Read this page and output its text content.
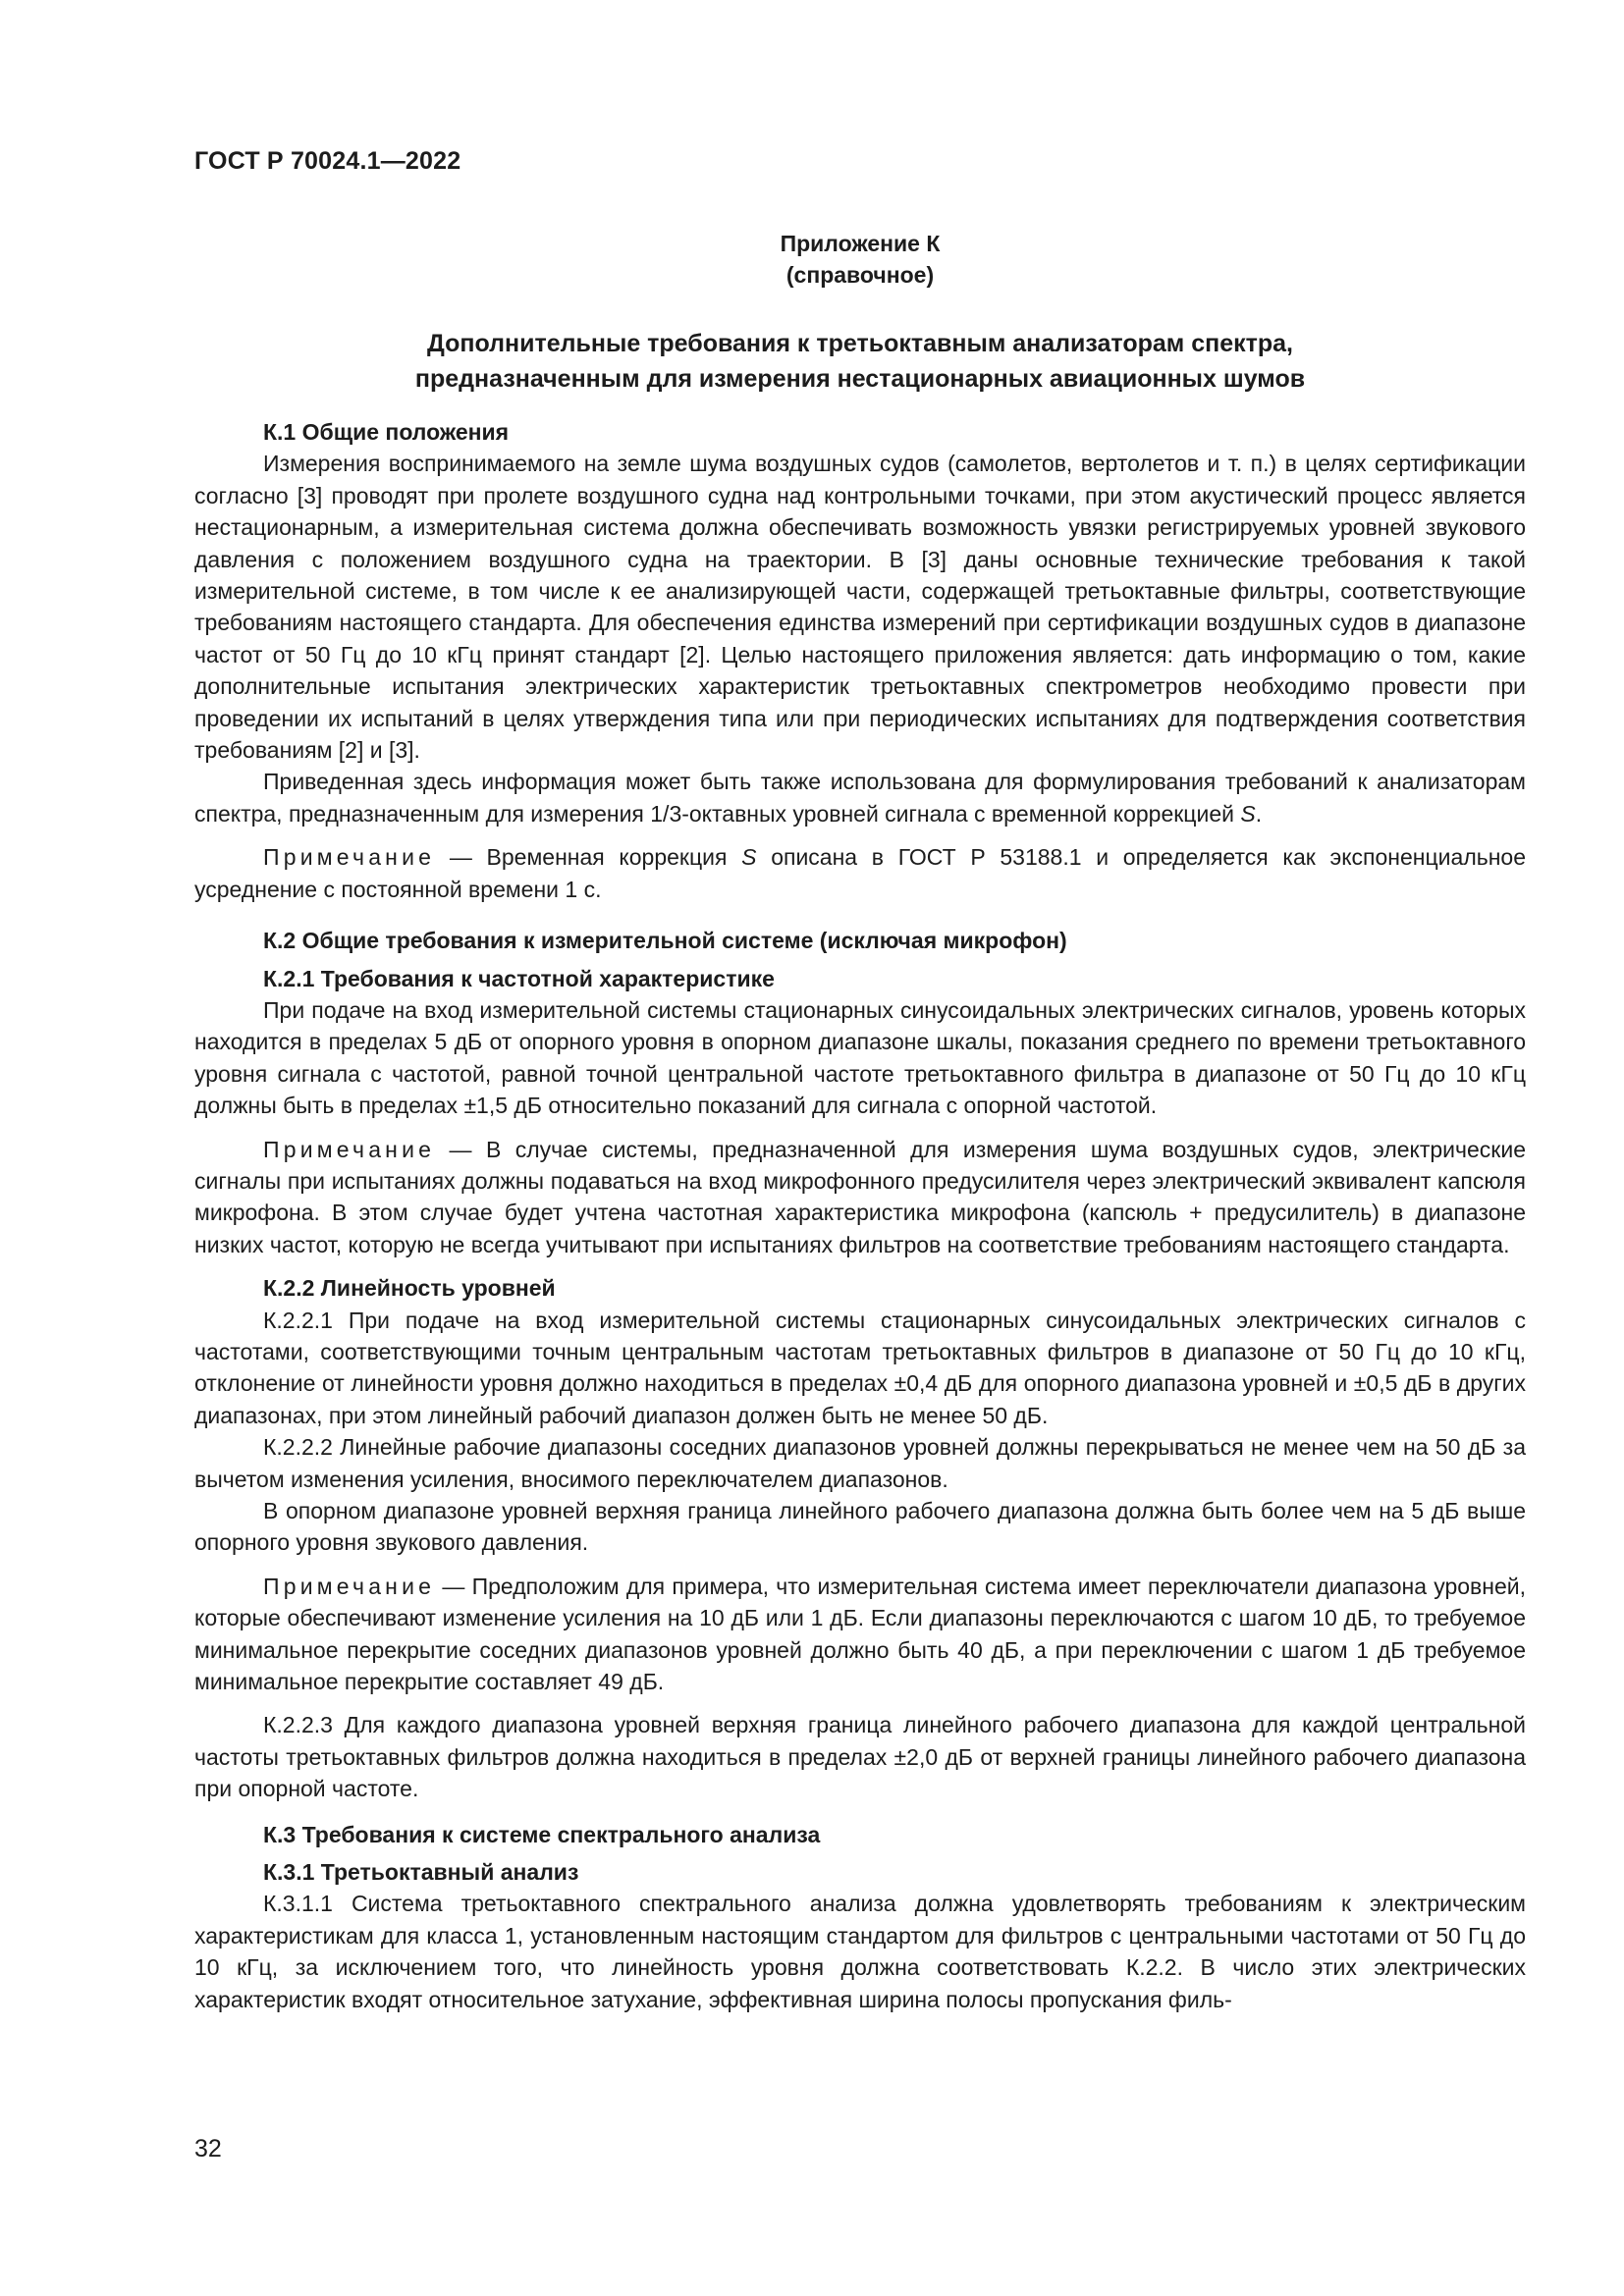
ГОСТ Р 70024.1—2022
Приложение К
(справочное)
Дополнительные требования к третьоктавным анализаторам спектра,
предназначенным для измерения нестационарных авиационных шумов
К.1 Общие положения

Измерения воспринимаемого на земле шума воздушных судов (самолетов, вертолетов и т. п.) в целях сертификации согласно [3] проводят при пролете воздушного судна над контрольными точками, при этом акустический процесс является нестационарным, а измерительная система должна обеспечивать возможность увязки регистрируемых уровней звукового давления с положением воздушного судна на траектории. В [3] даны основные технические требования к такой измерительной системе, в том числе к ее анализирующей части, содержащей третьоктавные фильтры, соответствующие требованиям настоящего стандарта. Для обеспечения единства измерений при сертификации воздушных судов в диапазоне частот от 50 Гц до 10 кГц принят стандарт [2]. Целью настоящего приложения является: дать информацию о том, какие дополнительные испытания электрических характеристик третьоктавных спектрометров необходимо провести при проведении их испытаний в целях утверждения типа или при периодических испытаниях для подтверждения соответствия требованиям [2] и [3].

Приведенная здесь информация может быть также использована для формулирования требований к анализаторам спектра, предназначенным для измерения 1/3-октавных уровней сигнала с временной коррекцией S.

Примечание — Временная коррекция S описана в ГОСТ Р 53188.1 и определяется как экспоненциальное усреднение с постоянной времени 1 с.

К.2 Общие требования к измерительной системе (исключая микрофон)
К.2.1 Требования к частотной характеристике

При подаче на вход измерительной системы стационарных синусоидальных электрических сигналов, уровень которых находится в пределах 5 дБ от опорного уровня в опорном диапазоне шкалы, показания среднего по времени третьоктавного уровня сигнала с частотой, равной точной центральной частоте третьоктавного фильтра в диапазоне от 50 Гц до 10 кГц должны быть в пределах ±1,5 дБ относительно показаний для сигнала с опорной частотой.

Примечание — В случае системы, предназначенной для измерения шума воздушных судов, электрические сигналы при испытаниях должны подаваться на вход микрофонного предусилителя через электрический эквивалент капсюля микрофона. В этом случае будет учтена частотная характеристика микрофона (капсюль + предусилитель) в диапазоне низких частот, которую не всегда учитывают при испытаниях фильтров на соответствие требованиям настоящего стандарта.

К.2.2 Линейность уровней

К.2.2.1 При подаче на вход измерительной системы стационарных синусоидальных электрических сигналов с частотами, соответствующими точным центральным частотам третьоктавных фильтров в диапазоне от 50 Гц до 10 кГц, отклонение от линейности уровня должно находиться в пределах ±0,4 дБ для опорного диапазона уровней и ±0,5 дБ в других диапазонах, при этом линейный рабочий диапазон должен быть не менее 50 дБ.

К.2.2.2 Линейные рабочие диапазоны соседних диапазонов уровней должны перекрываться не менее чем на 50 дБ за вычетом изменения усиления, вносимого переключателем диапазонов.

В опорном диапазоне уровней верхняя граница линейного рабочего диапазона должна быть более чем на 5 дБ выше опорного уровня звукового давления.

Примечание — Предположим для примера, что измерительная система имеет переключатели диапазона уровней, которые обеспечивают изменение усиления на 10 дБ или 1 дБ. Если диапазоны переключаются с шагом 10 дБ, то требуемое минимальное перекрытие соседних диапазонов уровней должно быть 40 дБ, а при переключении с шагом 1 дБ требуемое минимальное перекрытие составляет 49 дБ.

К.2.2.3 Для каждого диапазона уровней верхняя граница линейного рабочего диапазона для каждой центральной частоты третьоктавных фильтров должна находиться в пределах ±2,0 дБ от верхней границы линейного рабочего диапазона при опорной частоте.

К.3 Требования к системе спектрального анализа
К.3.1 Третьоктавный анализ

К.3.1.1 Система третьоктавного спектрального анализа должна удовлетворять требованиям к электрическим характеристикам для класса 1, установленным настоящим стандартом для фильтров с центральными частотами от 50 Гц до 10 кГц, за исключением того, что линейность уровня должна соответствовать К.2.2. В число этих электрических характеристик входят относительное затухание, эффективная ширина полосы пропускания филь-

32
